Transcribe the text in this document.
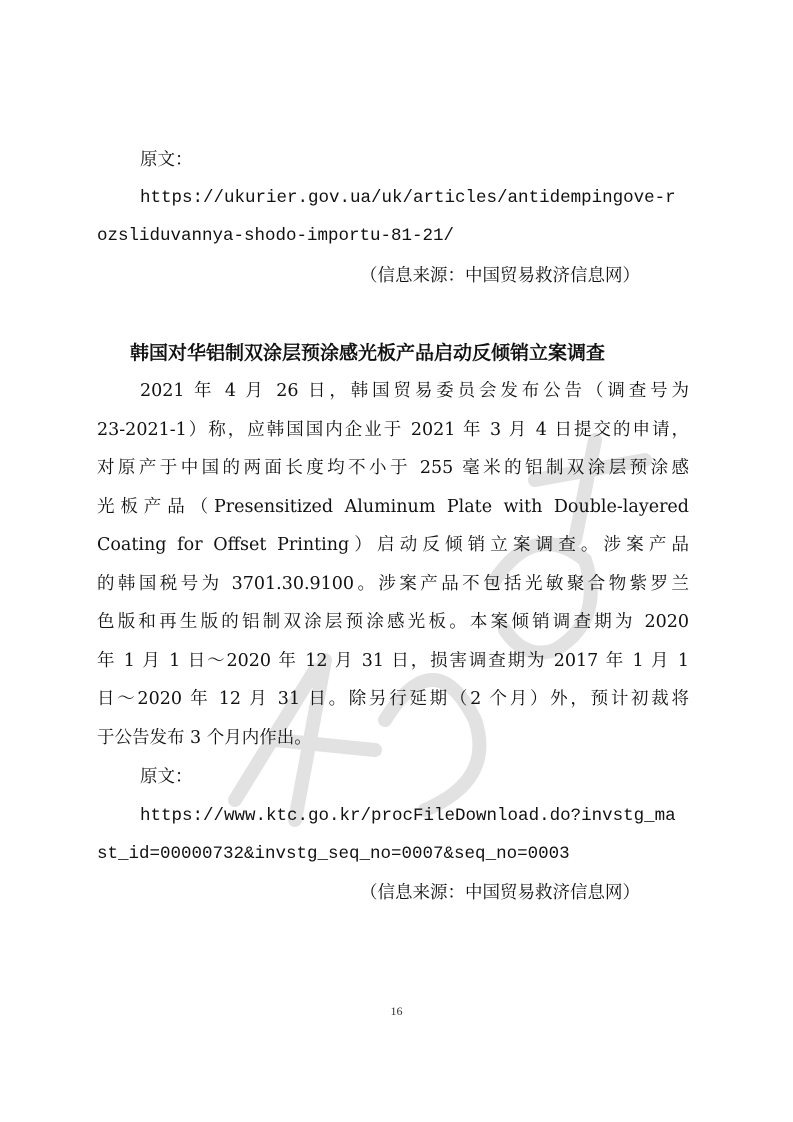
原文：
https://ukurier.gov.ua/uk/articles/antidempingove-r
ozsliduvannya-shodo-importu-81-21/
（信息来源：中国贸易救济信息网）
韩国对华铝制双涂层预涂感光板产品启动反倾销立案调查
2021 年 4 月 26 日，韩国贸易委员会发布公告（调查号为
23-2021-1）称，应韩国国内企业于 2021 年 3 月 4 日提交的申请，
对原产于中国的两面长度均不小于 255 毫米的铝制双涂层预涂感
光板产品（Presensitized Aluminum Plate with Double-layered
Coating for Offset Printing）启动反倾销立案调查。涉案产品
的韩国税号为 3701.30.9100。涉案产品不包括光敏聚合物紫罗兰
色版和再生版的铝制双涂层预涂感光板。本案倾销调查期为 2020
年 1 月 1 日～2020 年 12 月 31 日，损害调查期为 2017 年 1 月 1
日～2020 年 12 月 31 日。除另行延期（2 个月）外，预计初裁将
于公告发布 3 个月内作出。
原文：
https://www.ktc.go.kr/procFileDownload.do?invstg_ma
st_id=00000732&invstg_seq_no=0007&seq_no=0003
（信息来源：中国贸易救济信息网）
16
